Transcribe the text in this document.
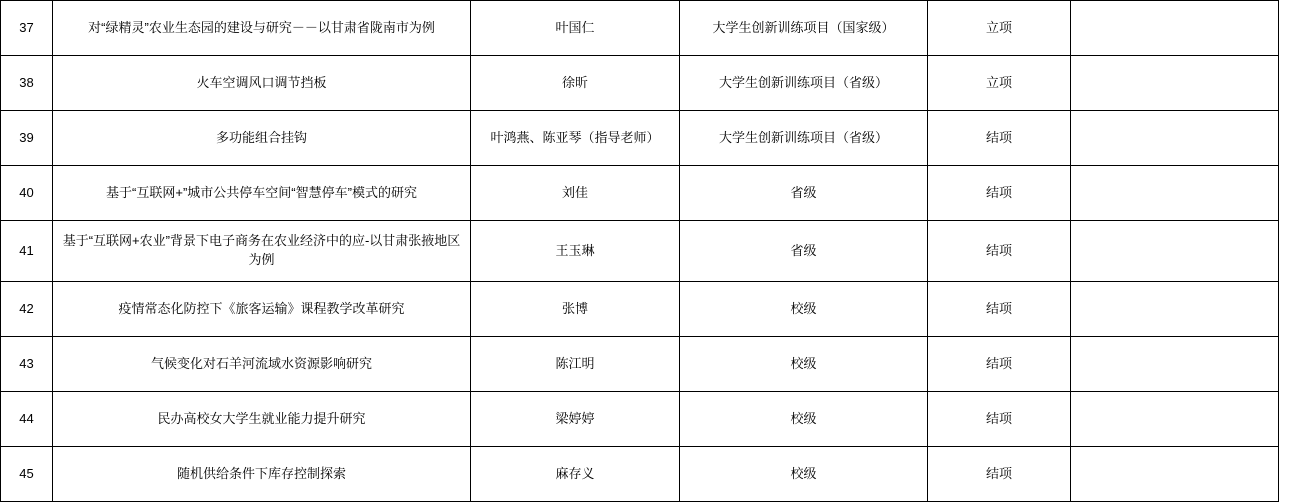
37	对“绿精灵”农业生态园的建设与研究－－以甘肃省陇南市为例	叶国仁	大学生创新训练项目（国家级）	立项	
38	火车空调风口调节挡板	徐昕	大学生创新训练项目（省级）	立项	
39	多功能组合挂钩	叶鸿燕、陈亚琴（指导老师）	大学生创新训练项目（省级）	结项	
40	基于“互联网+”城市公共停车空间“智慧停车”模式的研究	刘佳	省级	结项	
41	基于“互联网+农业”背景下电子商务在农业经济中的应-以甘肃张掖地区为例	王玉琳	省级	结项	
42	疫情常态化防控下《旅客运输》课程教学改革研究	张博	校级	结项	
43	气候变化对石羊河流域水资源影响研究	陈江明	校级	结项	
44	民办高校女大学生就业能力提升研究	梁婷婷	校级	结项	
45	随机供给条件下库存控制探索	麻存义	校级	结项	
